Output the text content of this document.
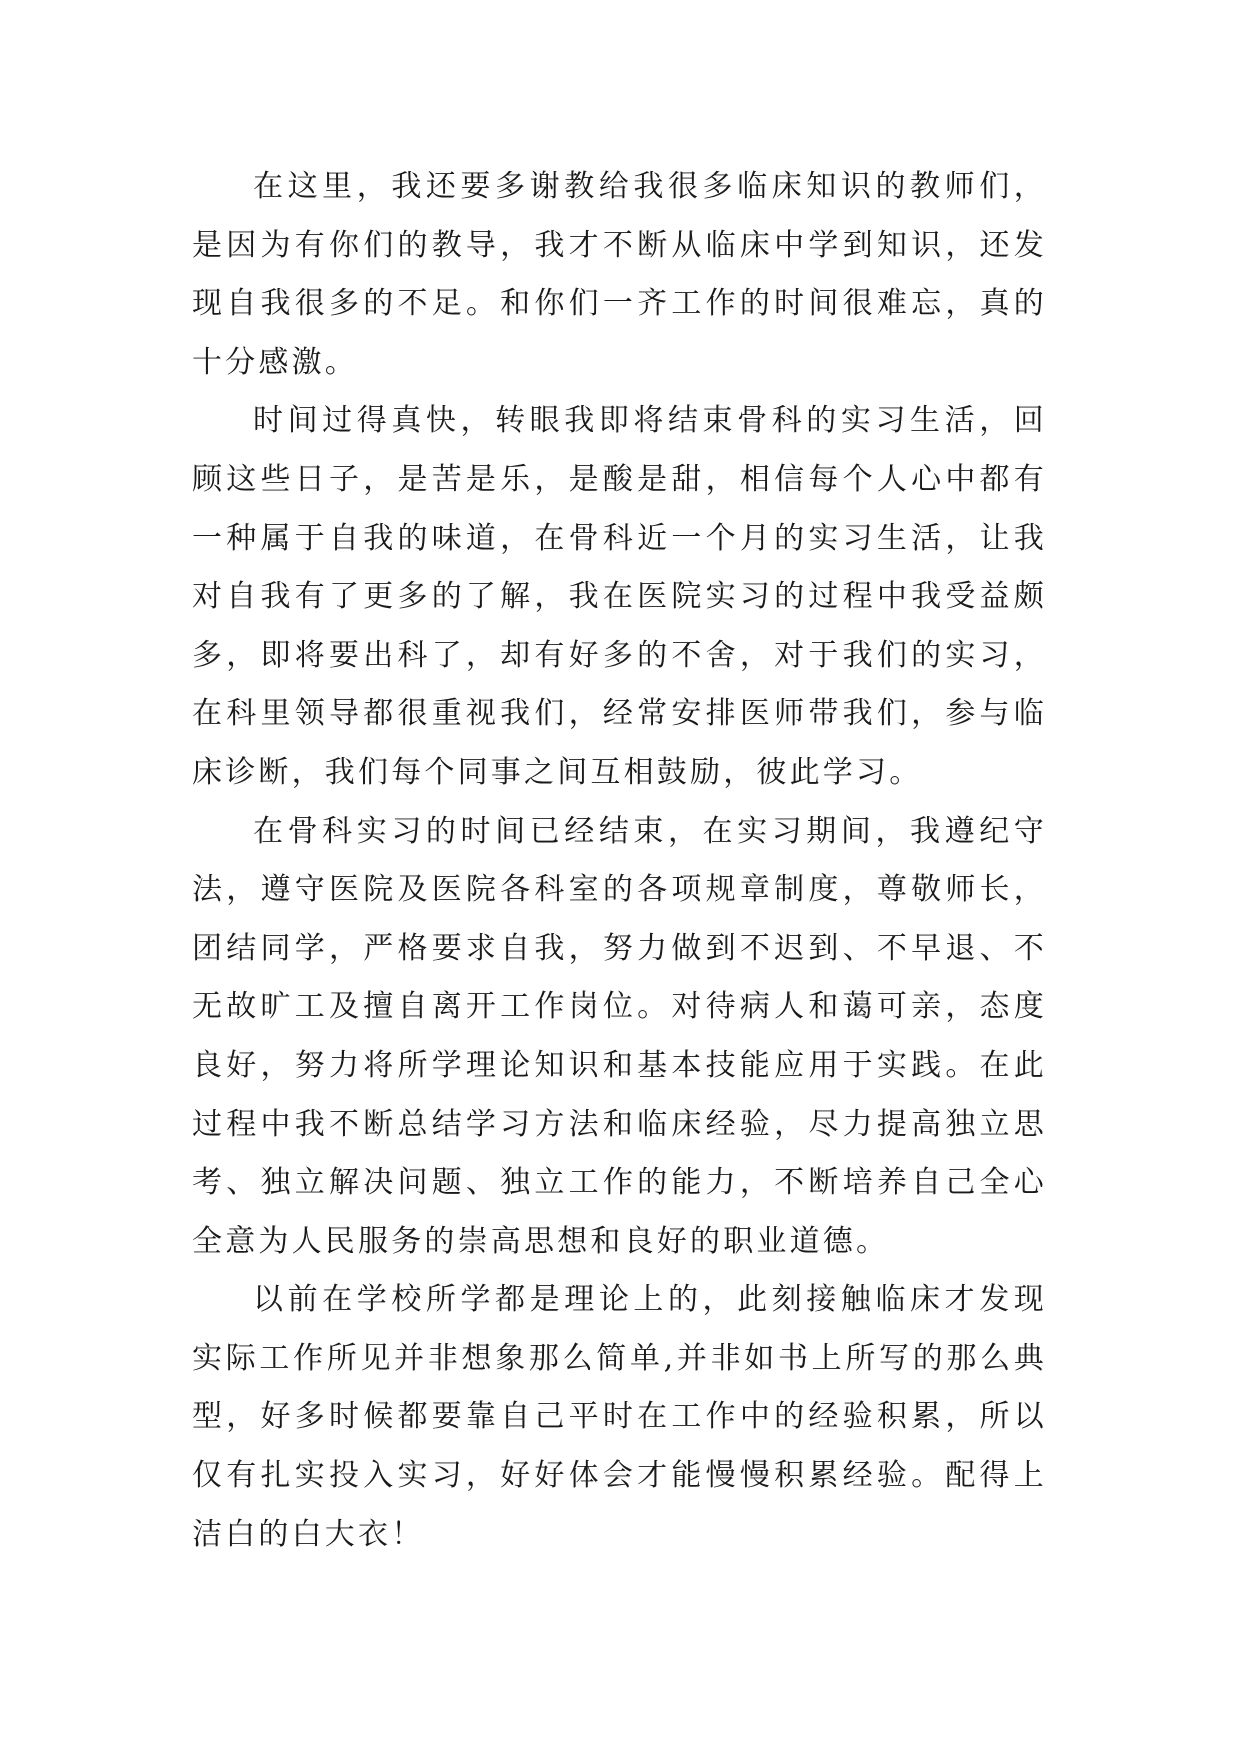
在这里，我还要多谢教给我很多临床知识的教师们，是因为有你们的教导，我才不断从临床中学到知识，还发现自我很多的不足。和你们一齐工作的时间很难忘，真的十分感激。

时间过得真快，转眼我即将结束骨科的实习生活，回顾这些日子，是苦是乐，是酸是甜，相信每个人心中都有一种属于自我的味道，在骨科近一个月的实习生活，让我对自我有了更多的了解，我在医院实习的过程中我受益颇多，即将要出科了，却有好多的不舍，对于我们的实习，在科里领导都很重视我们，经常安排医师带我们，参与临床诊断，我们每个同事之间互相鼓励，彼此学习。

在骨科实习的时间已经结束，在实习期间，我遵纪守法，遵守医院及医院各科室的各项规章制度，尊敬师长，团结同学，严格要求自我，努力做到不迟到、不早退、不无故旷工及擅自离开工作岗位。对待病人和蔼可亲，态度良好，努力将所学理论知识和基本技能应用于实践。在此过程中我不断总结学习方法和临床经验，尽力提高独立思考、独立解决问题、独立工作的能力，不断培养自己全心全意为人民服务的崇高思想和良好的职业道德。

以前在学校所学都是理论上的，此刻接触临床才发现实际工作所见并非想象那么简单,并非如书上所写的那么典型，好多时候都要靠自己平时在工作中的经验积累，所以仅有扎实投入实习，好好体会才能慢慢积累经验。配得上洁白的白大衣！
